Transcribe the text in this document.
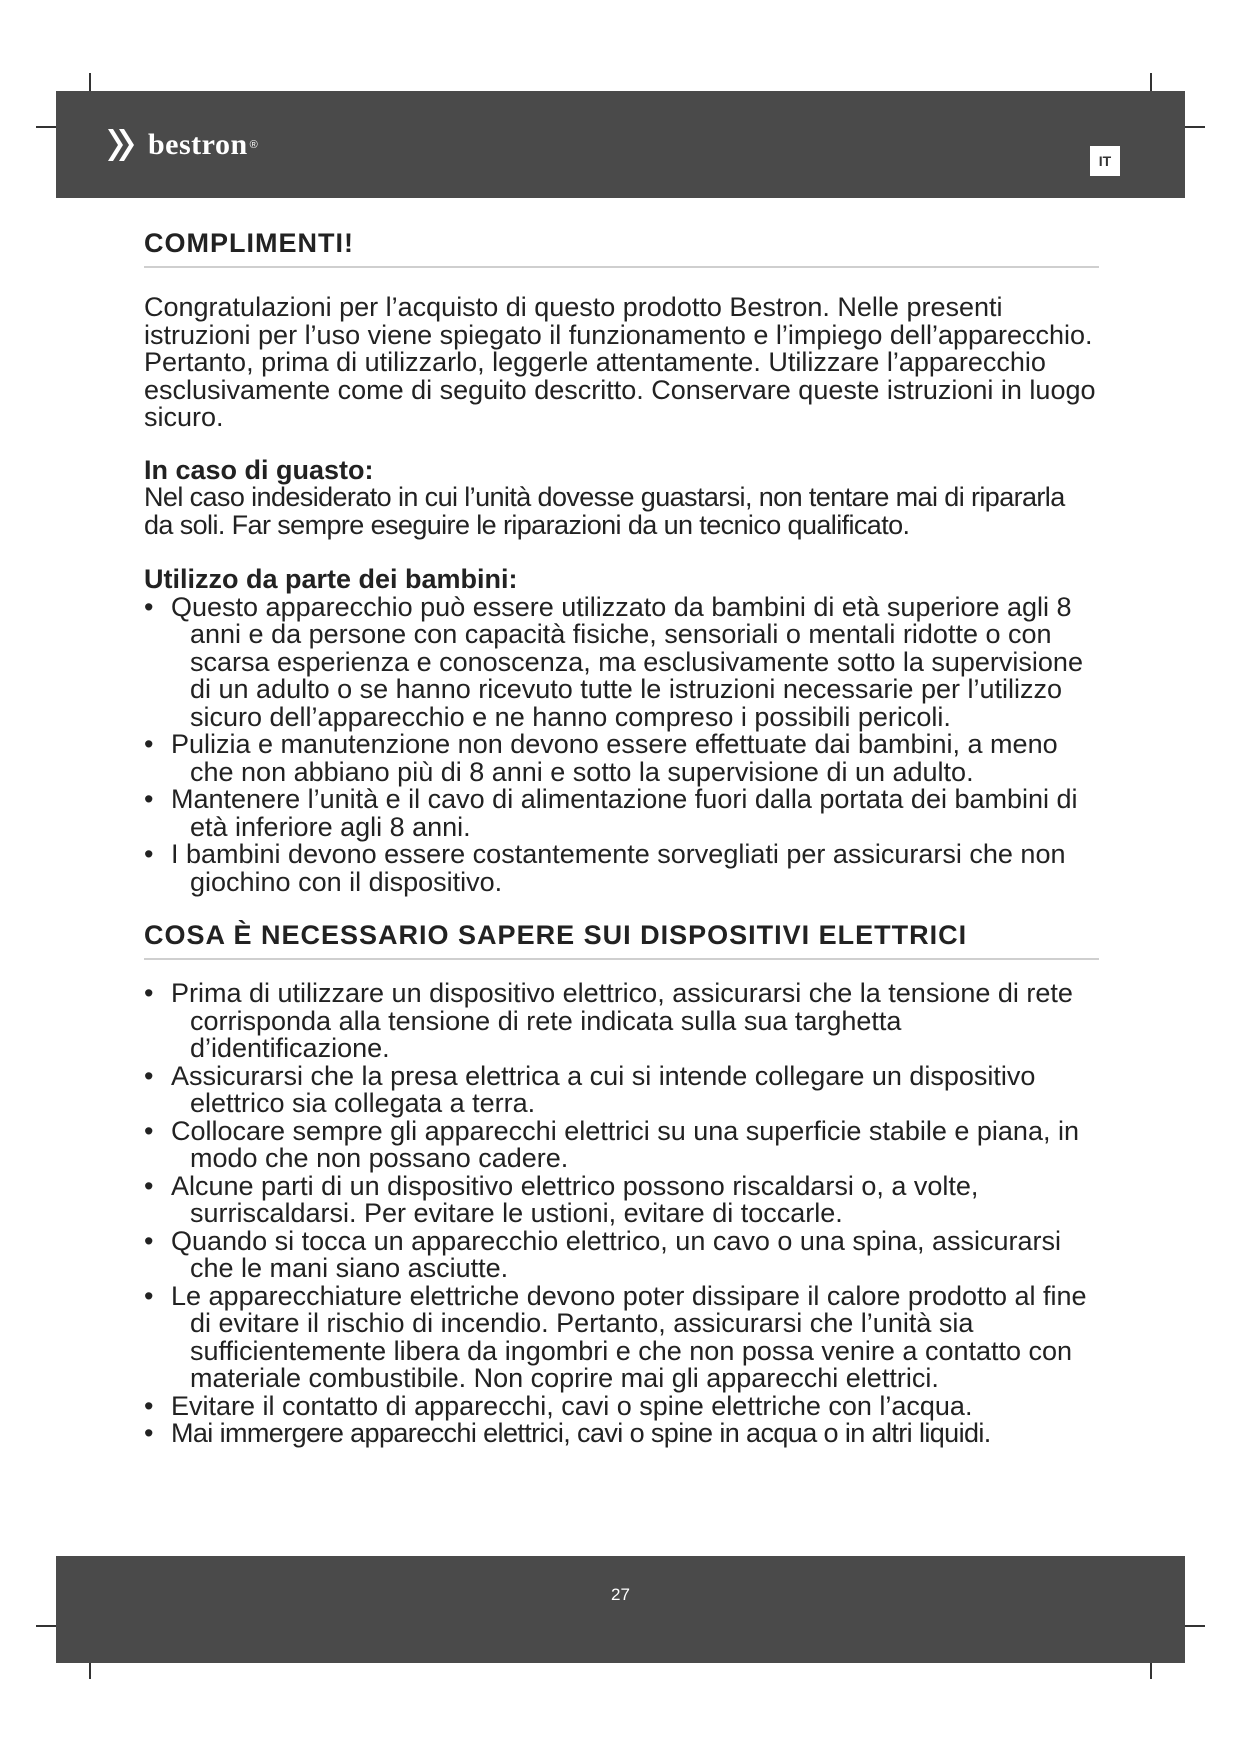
bestron ®
IT
COMPLIMENTI!

Congratulazioni per l’acquisto di questo prodotto Bestron. Nelle presenti istruzioni per l’uso viene spiegato il funzionamento e l’impiego dell’apparecchio. Pertanto, prima di utilizzarlo, leggerle attentamente. Utilizzare l’apparecchio esclusivamente come di seguito descritto. Conservare queste istruzioni in luogo sicuro.

In caso di guasto:

Nel caso indesiderato in cui l’unità dovesse guastarsi, non tentare mai di ripararla da soli. Far sempre eseguire le riparazioni da un tecnico qualificato.

Utilizzo da parte dei bambini:

• Questo apparecchio può essere utilizzato da bambini di età superiore agli 8 anni e da persone con capacità fisiche, sensoriali o mentali ridotte o con scarsa esperienza e conoscenza, ma esclusivamente sotto la supervisione di un adulto o se hanno ricevuto tutte le istruzioni necessarie per l’utilizzo sicuro dell’apparecchio e ne hanno compreso i possibili pericoli.
• Pulizia e manutenzione non devono essere effettuate dai bambini, a meno che non abbiano più di 8 anni e sotto la supervisione di un adulto.
• Mantenere l’unità e il cavo di alimentazione fuori dalla portata dei bambini di età inferiore agli 8 anni.
• I bambini devono essere costantemente sorvegliati per assicurarsi che non giochino con il dispositivo.
COSA È NECESSARIO SAPERE SUI DISPOSITIVI ELETTRICI
• Prima di utilizzare un dispositivo elettrico, assicurarsi che la tensione di rete corrisponda alla tensione di rete indicata sulla sua targhetta d’identificazione.
• Assicurarsi che la presa elettrica a cui si intende collegare un dispositivo elettrico sia collegata a terra.
• Collocare sempre gli apparecchi elettrici su una superficie stabile e piana, in modo che non possano cadere.
• Alcune parti di un dispositivo elettrico possono riscaldarsi o, a volte, surriscaldarsi. Per evitare le ustioni, evitare di toccarle.
• Quando si tocca un apparecchio elettrico, un cavo o una spina, assicurarsi che le mani siano asciutte.
• Le apparecchiature elettriche devono poter dissipare il calore prodotto al fine di evitare il rischio di incendio. Pertanto, assicurarsi che l’unità sia sufficientemente libera da ingombri e che non possa venire a contatto con materiale combustibile. Non coprire mai gli apparecchi elettrici.
• Evitare il contatto di apparecchi, cavi o spine elettriche con l’acqua.
• Mai immergere apparecchi elettrici, cavi o spine in acqua o in altri liquidi.
27
